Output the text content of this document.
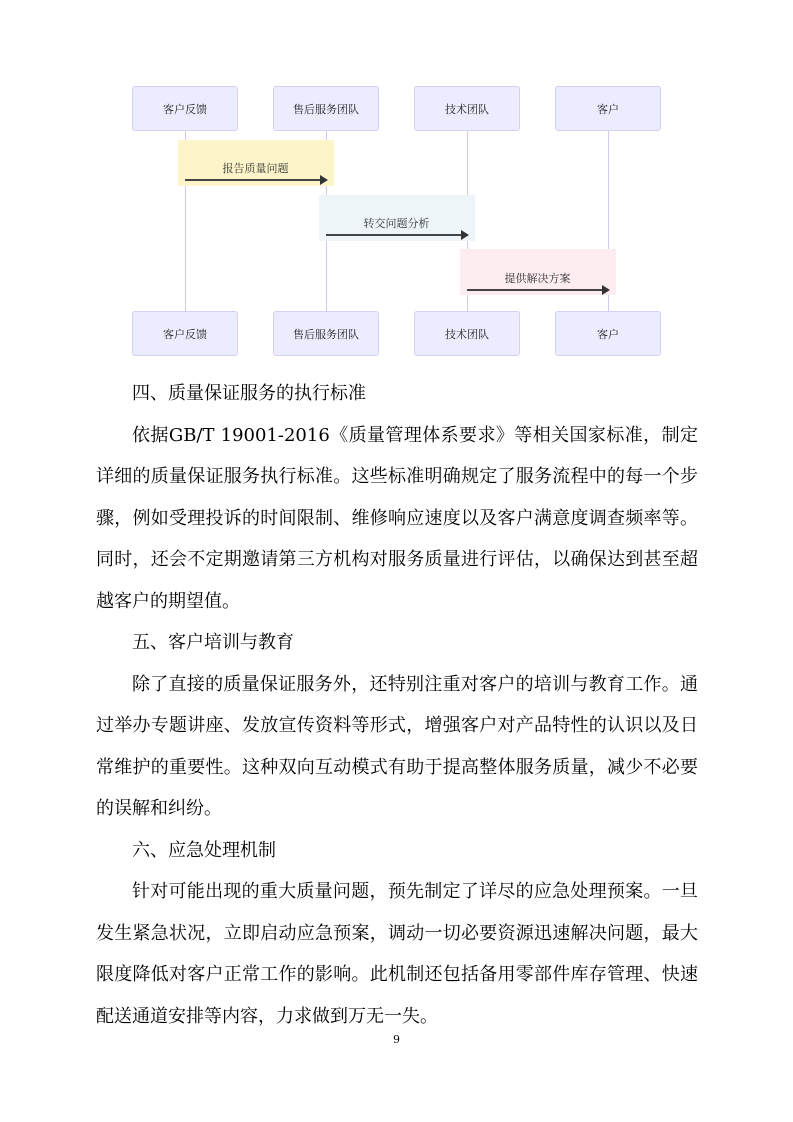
客户反馈	售后服务团队	技术团队	客户
报告质量问题
转交问题分析
提供解决方案
客户反馈	售后服务团队	技术团队	客户

四、质量保证服务的执行标准

依据GB/T 19001-2016《质量管理体系要求》等相关国家标准，制定详细的质量保证服务执行标准。这些标准明确规定了服务流程中的每一个步骤，例如受理投诉的时间限制、维修响应速度以及客户满意度调查频率等。同时，还会不定期邀请第三方机构对服务质量进行评估，以确保达到甚至超越客户的期望值。

五、客户培训与教育

除了直接的质量保证服务外，还特别注重对客户的培训与教育工作。通过举办专题讲座、发放宣传资料等形式，增强客户对产品特性的认识以及日常维护的重要性。这种双向互动模式有助于提高整体服务质量，减少不必要的误解和纠纷。

六、应急处理机制

针对可能出现的重大质量问题，预先制定了详尽的应急处理预案。一旦发生紧急状况，立即启动应急预案，调动一切必要资源迅速解决问题，最大限度降低对客户正常工作的影响。此机制还包括备用零部件库存管理、快速配送通道安排等内容，力求做到万无一失。

9
